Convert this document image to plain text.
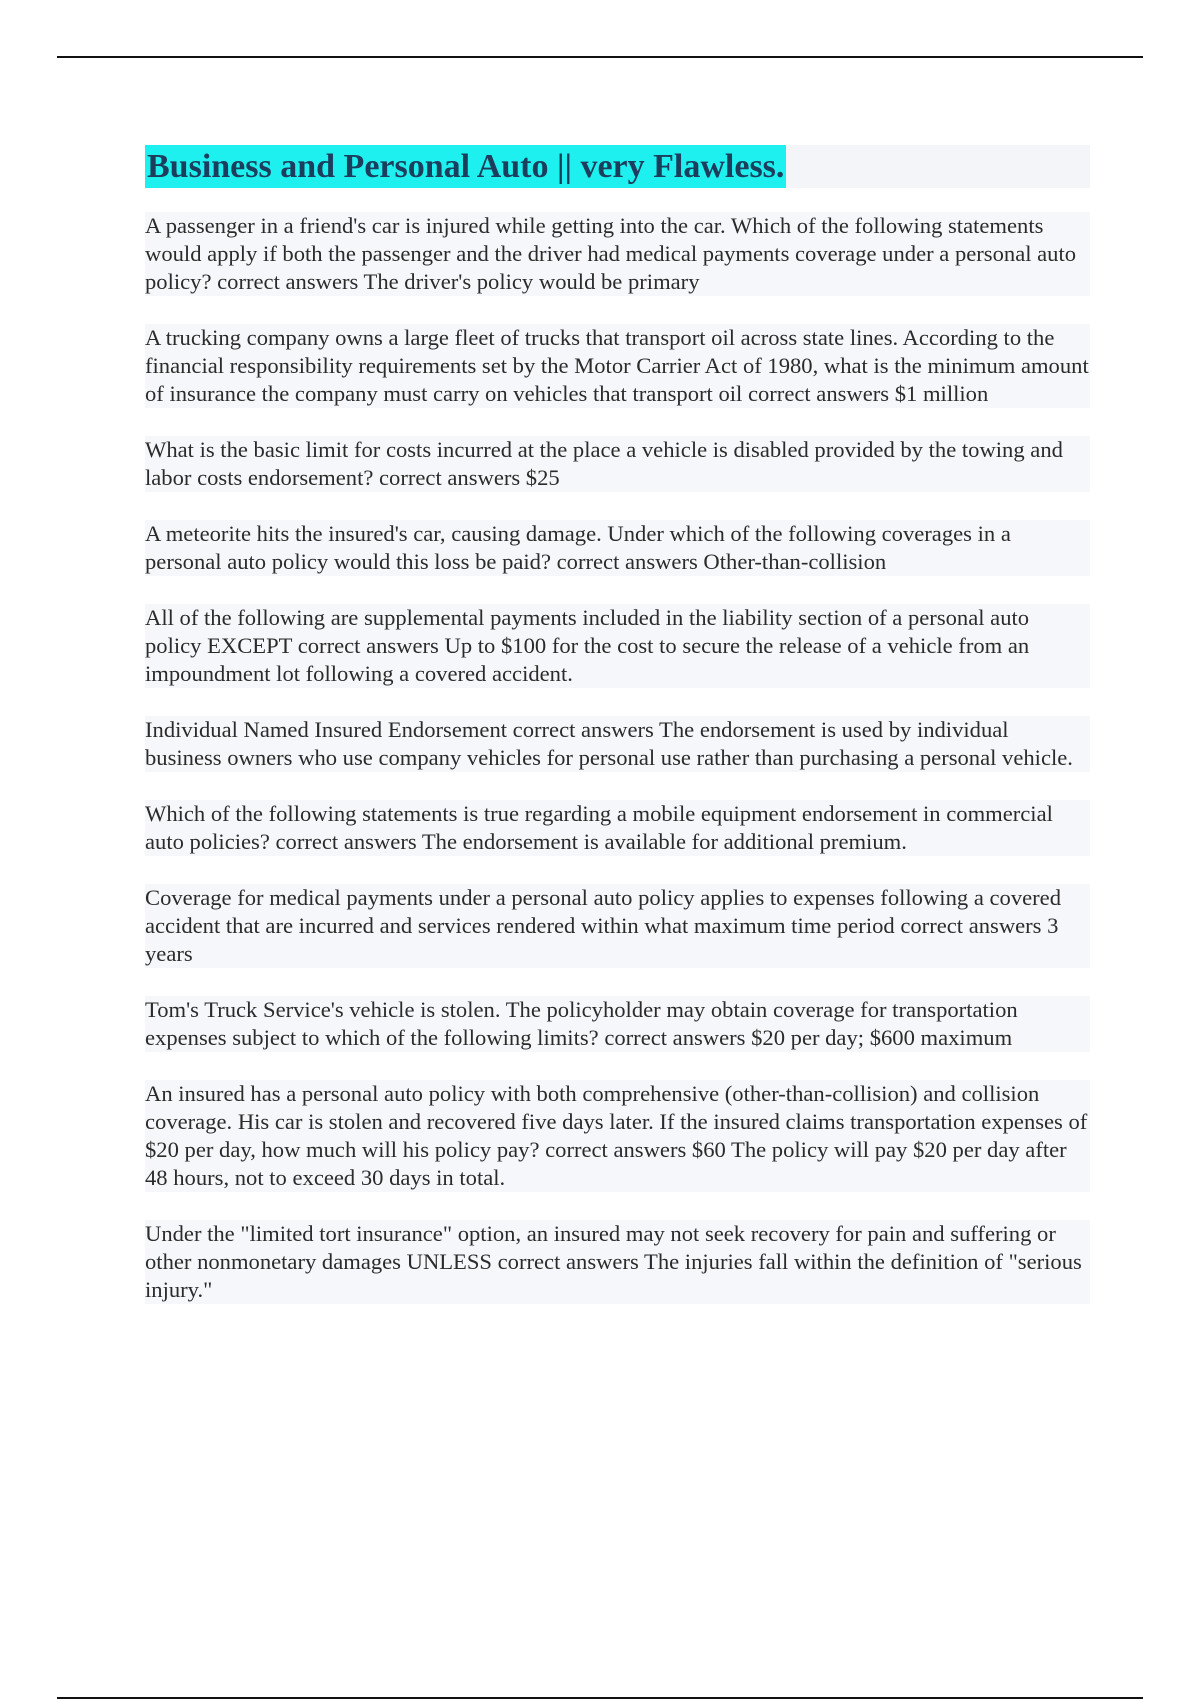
Business and Personal Auto || very Flawless.

A passenger in a friend's car is injured while getting into the car. Which of the following statements would apply if both the passenger and the driver had medical payments coverage under a personal auto policy? correct answers The driver's policy would be primary

A trucking company owns a large fleet of trucks that transport oil across state lines. According to the financial responsibility requirements set by the Motor Carrier Act of 1980, what is the minimum amount of insurance the company must carry on vehicles that transport oil correct answers $1 million

What is the basic limit for costs incurred at the place a vehicle is disabled provided by the towing and labor costs endorsement? correct answers $25

A meteorite hits the insured's car, causing damage. Under which of the following coverages in a personal auto policy would this loss be paid? correct answers Other-than-collision

All of the following are supplemental payments included in the liability section of a personal auto policy EXCEPT correct answers Up to $100 for the cost to secure the release of a vehicle from an impoundment lot following a covered accident.

Individual Named Insured Endorsement correct answers The endorsement is used by individual business owners who use company vehicles for personal use rather than purchasing a personal vehicle.

Which of the following statements is true regarding a mobile equipment endorsement in commercial auto policies? correct answers The endorsement is available for additional premium.

Coverage for medical payments under a personal auto policy applies to expenses following a covered accident that are incurred and services rendered within what maximum time period correct answers 3 years

Tom's Truck Service's vehicle is stolen. The policyholder may obtain coverage for transportation expenses subject to which of the following limits? correct answers $20 per day; $600 maximum

An insured has a personal auto policy with both comprehensive (other-than-collision) and collision coverage. His car is stolen and recovered five days later. If the insured claims transportation expenses of $20 per day, how much will his policy pay? correct answers $60 The policy will pay $20 per day after 48 hours, not to exceed 30 days in total.

Under the "limited tort insurance" option, an insured may not seek recovery for pain and suffering or other nonmonetary damages UNLESS correct answers The injuries fall within the definition of "serious injury."
